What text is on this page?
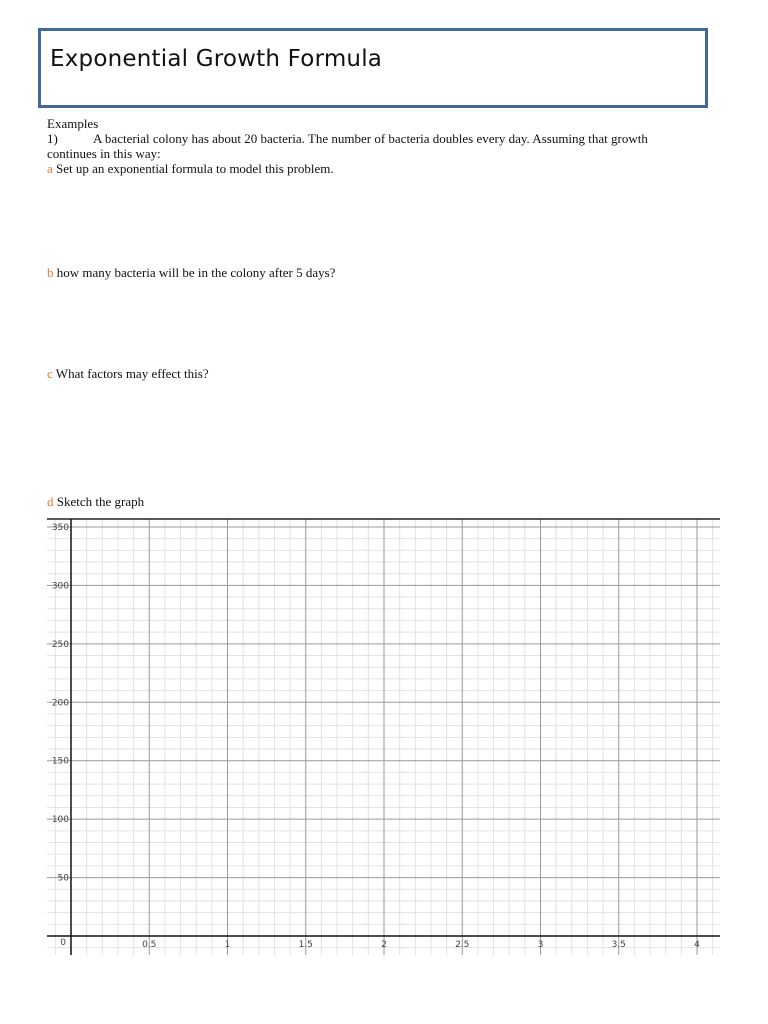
Exponential Growth Formula
Examples
1)	A bacterial colony has about 20 bacteria. The number of bacteria doubles every day. Assuming that growth
continues in this way:
a Set up an exponential formula to model this problem.
b how many bacteria will be in the colony after 5 days?
c What factors may effect this?
d Sketch the graph
0.5	1	1.5	2	2.5	3	3.5	4
0
50
100
150
200
250
300
350
